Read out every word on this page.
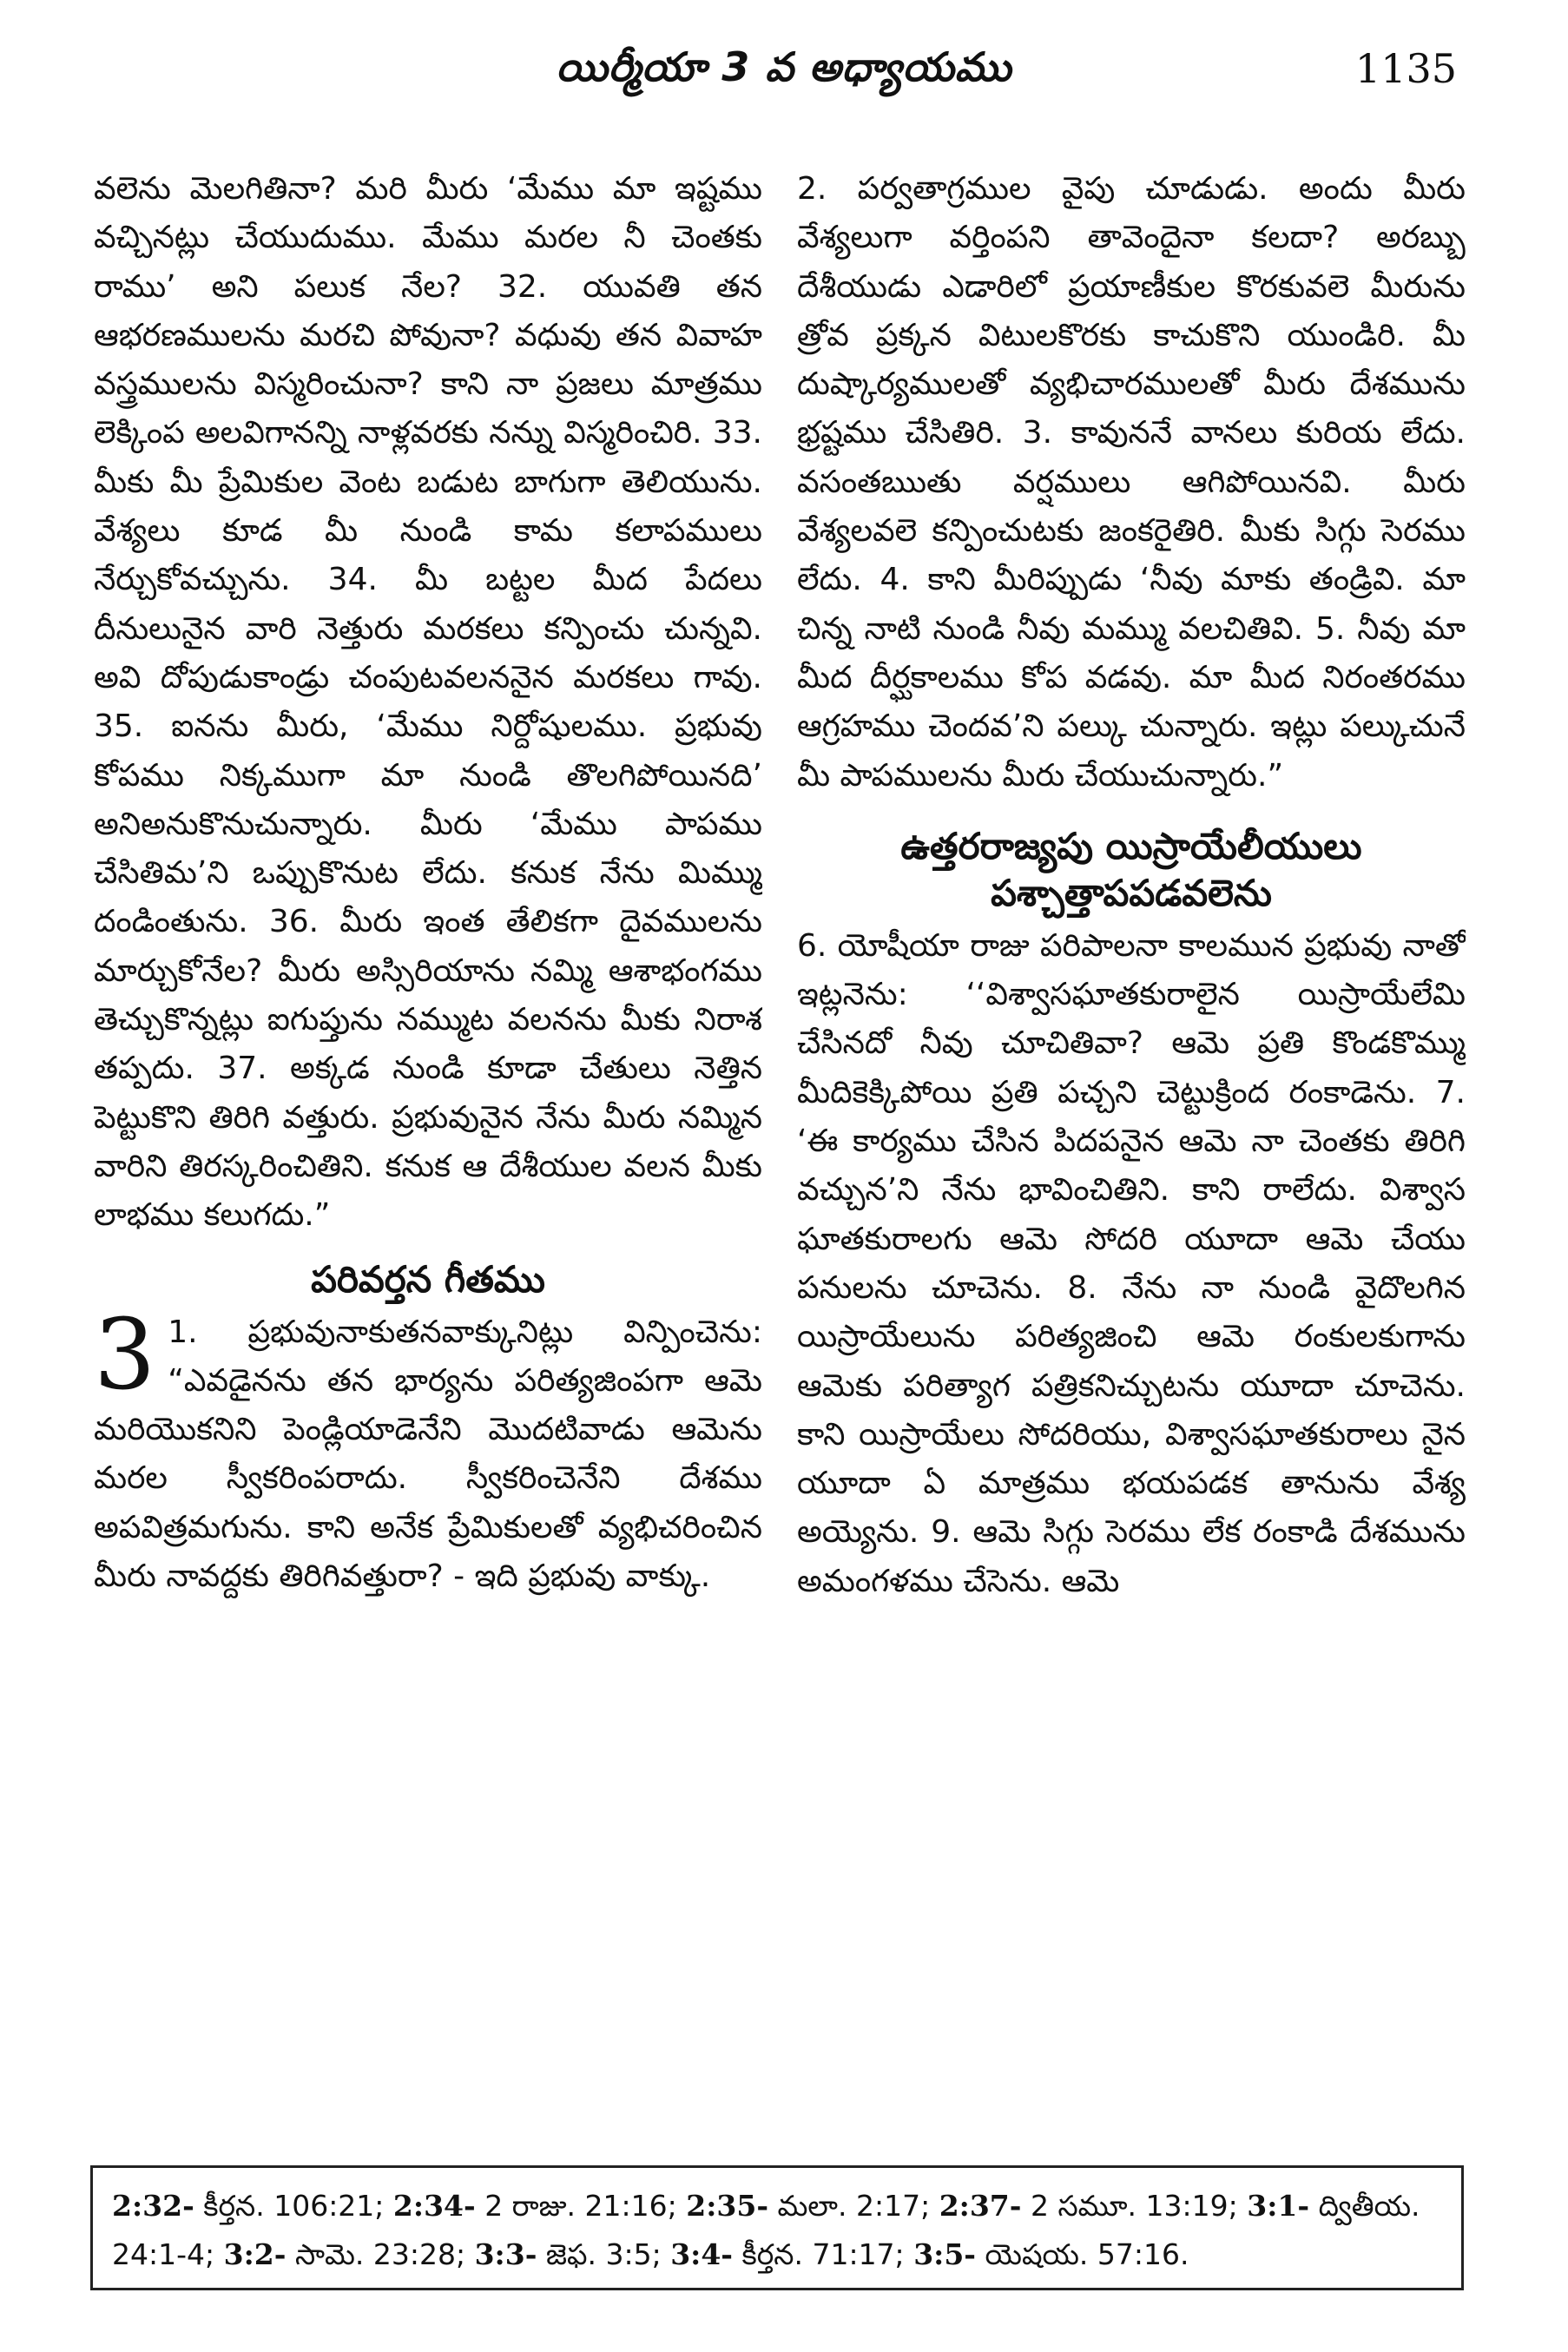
యిర్మీయా 3 వ అధ్యాయము	1135

వలెను మెలగితినా? మరి మీరు ‘మేము మా ఇష్టము వచ్చినట్లు చేయుదుము. మేము మరల నీ చెంతకు రాము’ అని పలుక నేల? 32. యువతి తన ఆభరణములను మరచి పోవునా? వధువు తన వివాహ వస్త్రములను విస్మరించునా? కాని నా ప్రజలు మాత్రము లెక్కింప అలవిగానన్ని నాళ్లవరకు నన్ను విస్మరించిరి. 33. మీకు మీ ప్రేమికుల వెంట బడుట బాగుగా తెలియును. వేశ్యలు కూడ మీ నుండి కామ కలాపములు నేర్చుకోవచ్చును. 34. మీ బట్టల మీద పేదలు దీనులునైన వారి నెత్తురు మరకలు కన్పించు చున్నవి. అవి దోపుడుకాండ్రు చంపుటవలననైన మరకలు గావు. 35. ఐనను మీరు, ‘మేము నిర్దోషులము. ప్రభువు కోపము నిక్కముగా మా నుండి తొలగిపోయినది’ అనిఅనుకొనుచున్నారు. మీరు ‘మేము పాపము చేసితిమ’ని ఒప్పుకొనుట లేదు. కనుక నేను మిమ్ము దండింతును. 36. మీరు ఇంత తేలికగా దైవములను మార్చుకోనేల? మీరు అస్సిరియాను నమ్మి ఆశాభంగము తెచ్చుకొన్నట్లు ఐగుప్తును నమ్ముట వలనను మీకు నిరాశ తప్పదు. 37. అక్కడ నుండి కూడా చేతులు నెత్తిన పెట్టుకొని తిరిగి వత్తురు. ప్రభువునైన నేను మీరు నమ్మిన వారిని తిరస్కరించితిని. కనుక ఆ దేశీయుల వలన మీకు లాభము కలుగదు.”

పరివర్తన గీతము
3 1. ప్రభువునాకుతనవాక్కునిట్లు విన్పించెను: “ఎవడైనను తన భార్యను పరిత్యజింపగా ఆమె మరియొకనిని పెండ్లియాడెనేని మొదటివాడు ఆమెను మరల స్వీకరింపరాదు. స్వీకరించెనేని దేశము అపవిత్రమగును. కాని అనేక ప్రేమికులతో వ్యభిచరించిన మీరు నావద్దకు తిరిగివత్తురా? - ఇది ప్రభువు వాక్కు.

2. పర్వతాగ్రముల వైపు చూడుడు. అందు మీరు వేశ్యలుగా వర్తింపని తావెందైనా కలదా? అరబ్బు దేశీయుడు ఎడారిలో ప్రయాణీకుల కొరకువలె మీరును త్రోవ ప్రక్కన విటులకొరకు కాచుకొని యుండిరి. మీ దుష్కార్యములతో వ్యభిచారములతో మీరు దేశమును భ్రష్టము చేసితిరి. 3. కావుననే వానలు కురియ లేదు. వసంతఋతు వర్షములు ఆగిపోయినవి. మీరు వేశ్యలవలె కన్పించుటకు జంకరైతిరి. మీకు సిగ్గు సెరము లేదు. 4. కాని మీరిప్పుడు ‘నీవు మాకు తండ్రివి. మా చిన్న నాటి నుండి నీవు మమ్ము వలచితివి. 5. నీవు మా మీద దీర్ఘకాలము కోప వడవు. మా మీద నిరంతరము ఆగ్రహము చెందవ’ని పల్కు చున్నారు. ఇట్లు పల్కుచునే మీ పాపములను మీరు చేయుచున్నారు.”

ఉత్తరరాజ్యపు యిస్రాయేలీయులు
పశ్చాత్తాపపడవలెను

6. యోషీయా రాజు పరిపాలనా కాలమున ప్రభువు నాతో ఇట్లనెను: ‘‘విశ్వాసఘాతకురాలైన యిస్రాయేలేమి చేసినదో నీవు చూచితివా? ఆమె ప్రతి కొండకొమ్ము మీదికెక్కిపోయి ప్రతి పచ్చని చెట్టుక్రింద రంకాడెను. 7. ‘ఈ కార్యము చేసిన పిదపనైన ఆమె నా చెంతకు తిరిగి వచ్చున’ని నేను భావించితిని. కాని రాలేదు. విశ్వాస ఘాతకురాలగు ఆమె సోదరి యూదా ఆమె చేయు పనులను చూచెను. 8. నేను నా నుండి వైదొలగిన యిస్రాయేలును పరిత్యజించి ఆమె రంకులకుగాను ఆమెకు పరిత్యాగ పత్రికనిచ్చుటను యూదా చూచెను. కాని యిస్రాయేలు సోదరియు, విశ్వాసఘాతకురాలు నైన యూదా ఏ మాత్రము భయపడక తానును వేశ్య అయ్యెను. 9. ఆమె సిగ్గు సెరము లేక రంకాడి దేశమును అమంగళము చేసెను. ఆమె

2:32- కీర్తన. 106:21; 2:34- 2 రాజు. 21:16; 2:35- మలా. 2:17; 2:37- 2 సమూ. 13:19; 3:1- ద్వితీయ. 24:1-4; 3:2- సామె. 23:28; 3:3- జెఫ. 3:5; 3:4- కీర్తన. 71:17; 3:5- యెషయ. 57:16.
